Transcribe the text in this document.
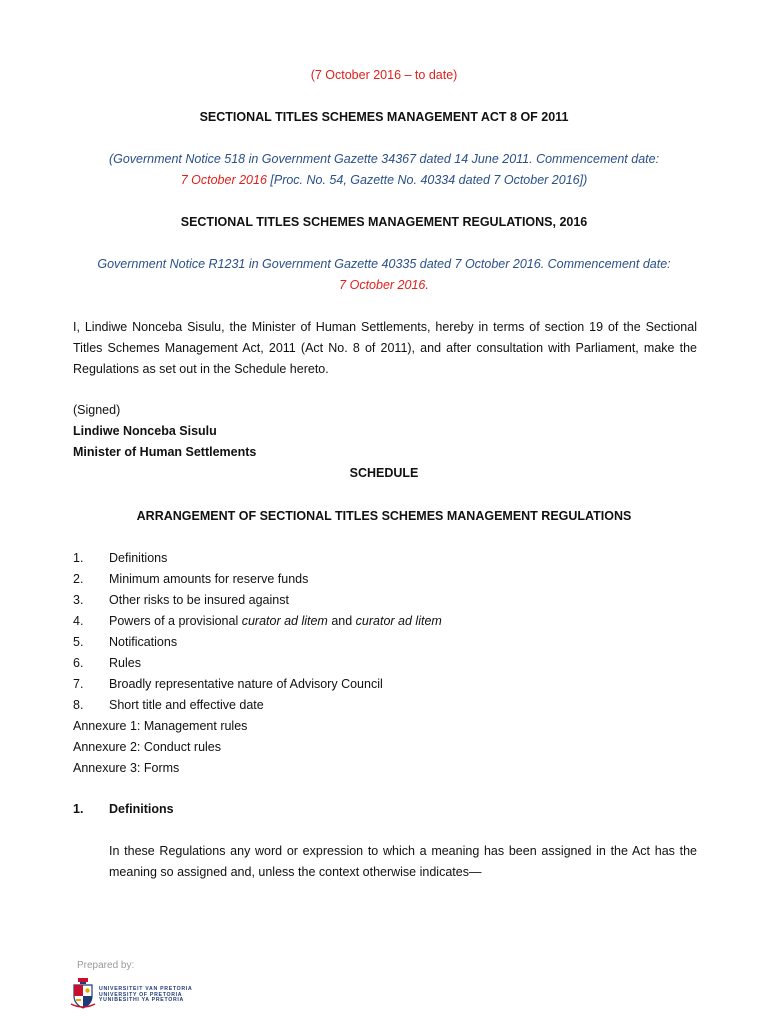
(7 October 2016 – to date)
SECTIONAL TITLES SCHEMES MANAGEMENT ACT 8 OF 2011
(Government Notice 518 in Government Gazette 34367 dated 14 June 2011. Commencement date:
7 October 2016 [Proc. No. 54, Gazette No. 40334 dated 7 October 2016])
SECTIONAL TITLES SCHEMES MANAGEMENT REGULATIONS, 2016
Government Notice R1231 in Government Gazette 40335 dated 7 October 2016. Commencement date:
7 October 2016.
I, Lindiwe Nonceba Sisulu, the Minister of Human Settlements, hereby in terms of section 19 of the Sectional Titles Schemes Management Act, 2011 (Act No. 8 of 2011), and after consultation with Parliament, make the Regulations as set out in the Schedule hereto.
(Signed)
Lindiwe Nonceba Sisulu
Minister of Human Settlements
SCHEDULE
ARRANGEMENT OF SECTIONAL TITLES SCHEMES MANAGEMENT REGULATIONS
1. Definitions
2. Minimum amounts for reserve funds
3. Other risks to be insured against
4. Powers of a provisional curator ad litem and curator ad litem
5. Notifications
6. Rules
7. Broadly representative nature of Advisory Council
8. Short title and effective date
Annexure 1: Management rules
Annexure 2: Conduct rules
Annexure 3: Forms
1. Definitions
In these Regulations any word or expression to which a meaning has been assigned in the Act has the meaning so assigned and, unless the context otherwise indicates—
Prepared by:
UNIVERSITEIT VAN PRETORIA
UNIVERSITY OF PRETORIA
YUNIBESITHI YA PRETORIA
